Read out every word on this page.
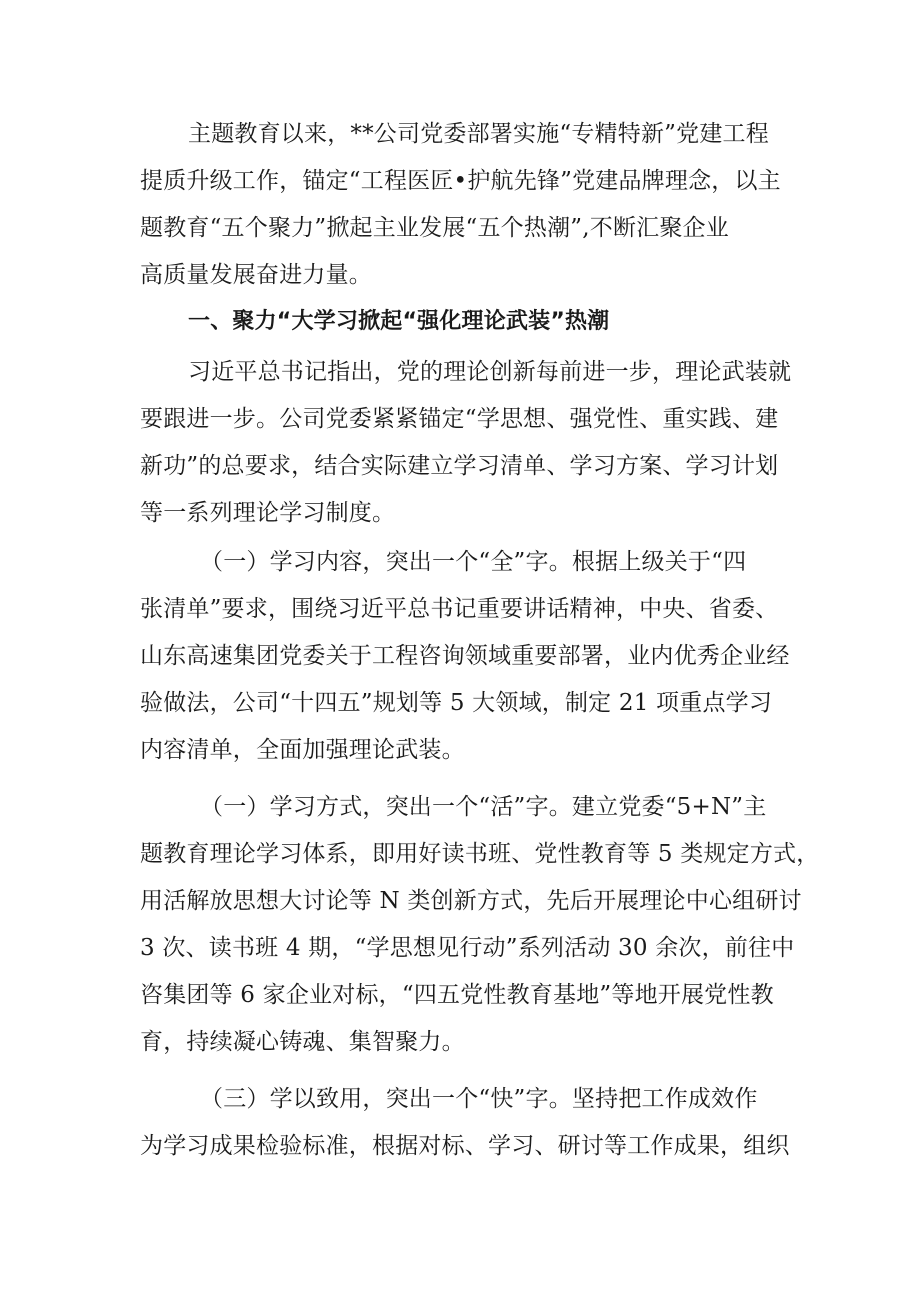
主题教育以来，**公司党委部署实施“专精特新”党建工程
提质升级工作，锚定“工程医匠•护航先锋”党建品牌理念，以主
题教育“五个聚力”掀起主业发展“五个热潮”,不断汇聚企业
高质量发展奋进力量。
一、聚力“大学习掀起“强化理论武装”热潮
习近平总书记指出，党的理论创新每前进一步，理论武装就
要跟进一步。公司党委紧紧锚定“学思想、强党性、重实践、建
新功”的总要求，结合实际建立学习清单、学习方案、学习计划
等一系列理论学习制度。
（一）学习内容，突出一个“全”字。根据上级关于“四
张清单”要求，围绕习近平总书记重要讲话精神，中央、省委、
山东高速集团党委关于工程咨询领域重要部署，业内优秀企业经
验做法，公司“十四五”规划等 5 大领域，制定 21 项重点学习
内容清单，全面加强理论武装。
（一）学习方式，突出一个“活”字。建立党委“5+N”主
题教育理论学习体系，即用好读书班、党性教育等 5 类规定方式，
用活解放思想大讨论等 N 类创新方式，先后开展理论中心组研讨
3 次、读书班 4 期，“学思想见行动”系列活动 30 余次，前往中
咨集团等 6 家企业对标，“四五党性教育基地”等地开展党性教
育，持续凝心铸魂、集智聚力。
（三）学以致用，突出一个“快”字。坚持把工作成效作
为学习成果检验标准，根据对标、学习、研讨等工作成果，组织
